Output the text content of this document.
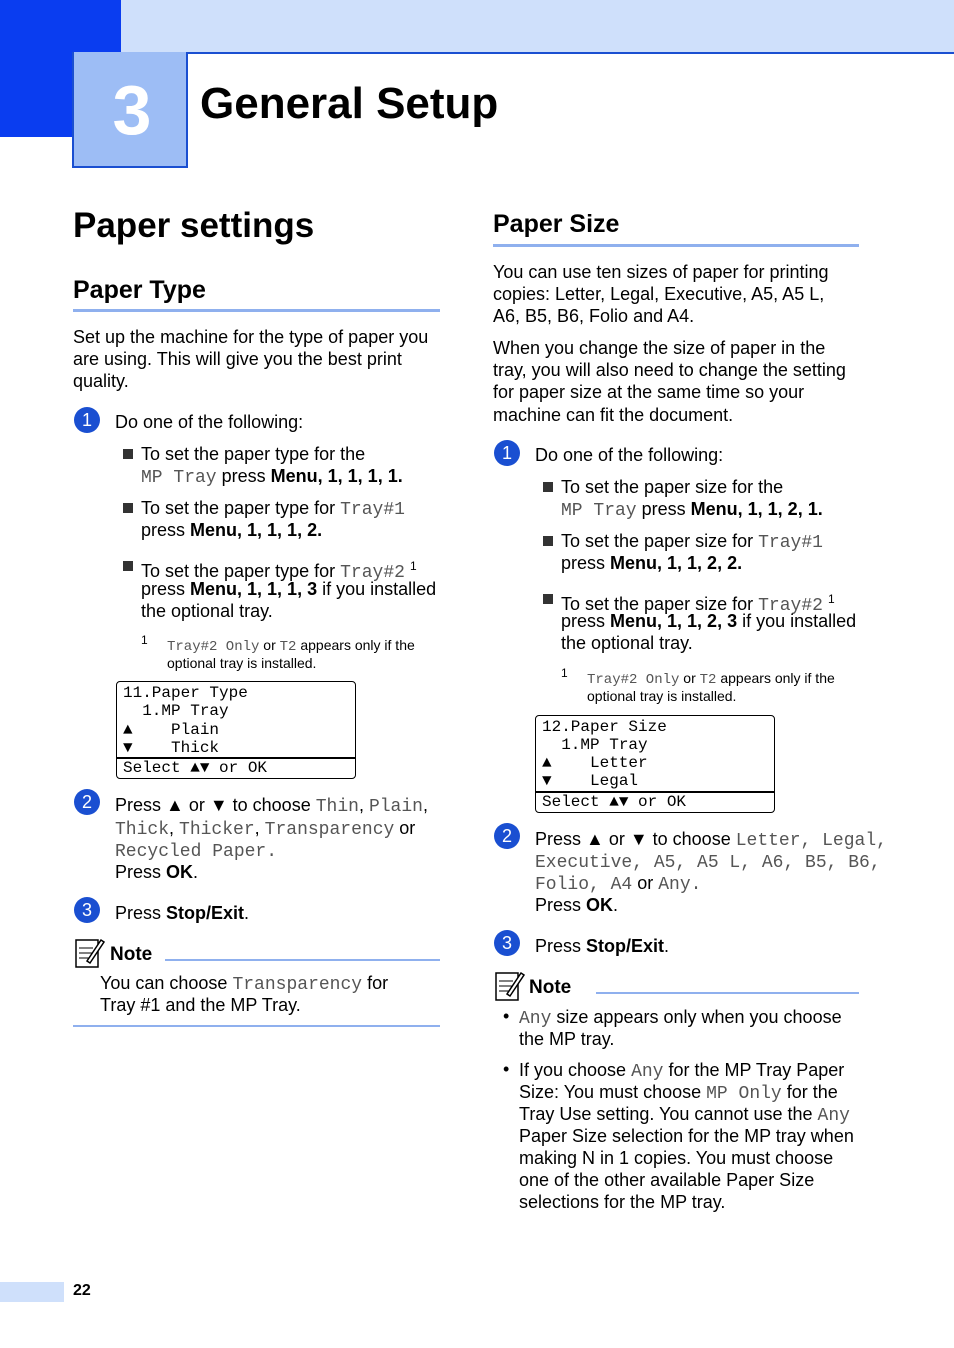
3	General Setup
Paper settings
Paper Type
Set up the machine for the type of paper you
are using. This will give you the best print
quality.
1	Do one of the following:
To set the paper type for the
MP Tray press Menu, 1, 1, 1, 1.
To set the paper type for Tray#1
press Menu, 1, 1, 1, 2.
To set the paper type for Tray#2 $^1$
press Menu, 1, 1, 1, 3 if you installed
the optional tray.
1 Tray#2 Only or T2 appears only if the
optional tray is installed.
11.Paper Type
1.MP Tray
▲    Plain
▼    Thick
Select ▲▼ or OK
2	Press ▲ or ▼ to choose Thin, Plain,
Thick, Thicker, Transparency or
Recycled Paper.
Press OK.
3	Press Stop/Exit.
Note
You can choose Transparency for
Tray #1 and the MP Tray.
Paper Size
You can use ten sizes of paper for printing
copies: Letter, Legal, Executive, A5, A5 L,
A6, B5, B6, Folio and A4.
When you change the size of paper in the
tray, you will also need to change the setting
for paper size at the same time so your
machine can fit the document.
1	Do one of the following:
To set the paper size for the
MP Tray press Menu, 1, 1, 2, 1.
To set the paper size for Tray#1
press Menu, 1, 1, 2, 2.
To set the paper size for Tray#2 $^1$
press Menu, 1, 1, 2, 3 if you installed
the optional tray.
1 Tray#2 Only or T2 appears only if the
optional tray is installed.
12.Paper Size
1.MP Tray
▲    Letter
▼    Legal
Select ▲▼ or OK
2	Press ▲ or ▼ to choose Letter, Legal,
Executive, A5, A5 L, A6, B5, B6,
Folio, A4 or Any.
Press OK.
3	Press Stop/Exit.
Note
• Any size appears only when you choose
the MP tray.
• If you choose Any for the MP Tray Paper
Size: You must choose MP Only for the
Tray Use setting. You cannot use the Any
Paper Size selection for the MP tray when
making N in 1 copies. You must choose
one of the other available Paper Size
selections for the MP tray.
22
